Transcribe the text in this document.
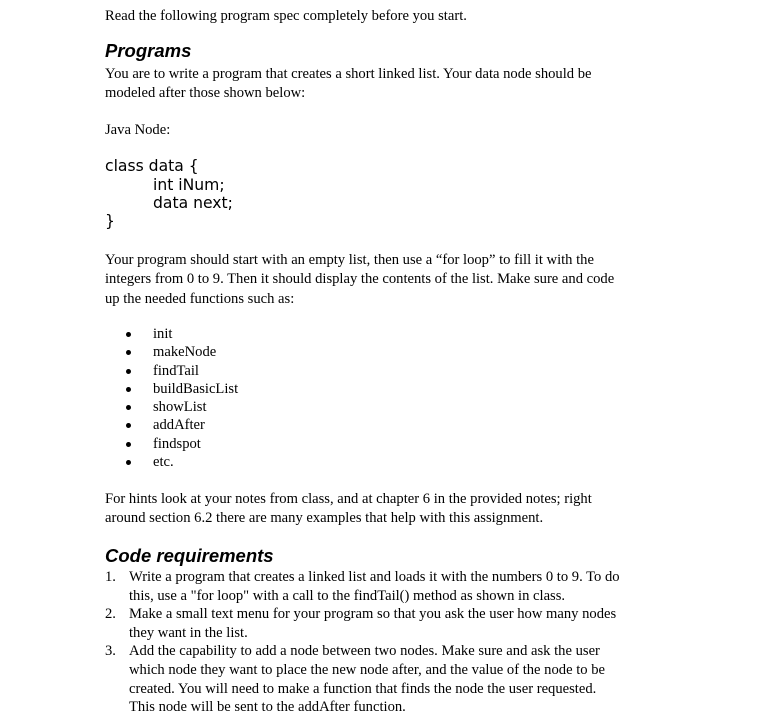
Read the following program spec completely before you start.

Programs
You are to write a program that creates a short linked list. Your data node should be
modeled after those shown below:

Java Node:

class data {
int iNum;
data next;
}
Your program should start with an empty list, then use a “for loop” to fill it with the
integers from 0 to 9. Then it should display the contents of the list. Make sure and code
up the needed functions such as:
init
makeNode
findTail
buildBasicList
showList
addAfter
findspot
etc.
For hints look at your notes from class, and at chapter 6 in the provided notes; right
around section 6.2 there are many examples that help with this assignment.
Code requirements
1. Write a program that creates a linked list and loads it with the numbers 0 to 9. To do
this, use a "for loop" with a call to the findTail() method as shown in class.
2. Make a small text menu for your program so that you ask the user how many nodes
they want in the list.
3. Add the capability to add a node between two nodes. Make sure and ask the user
which node they want to place the new node after, and the value of the node to be
created. You will need to make a function that finds the node the user requested.
This node will be sent to the addAfter function.
